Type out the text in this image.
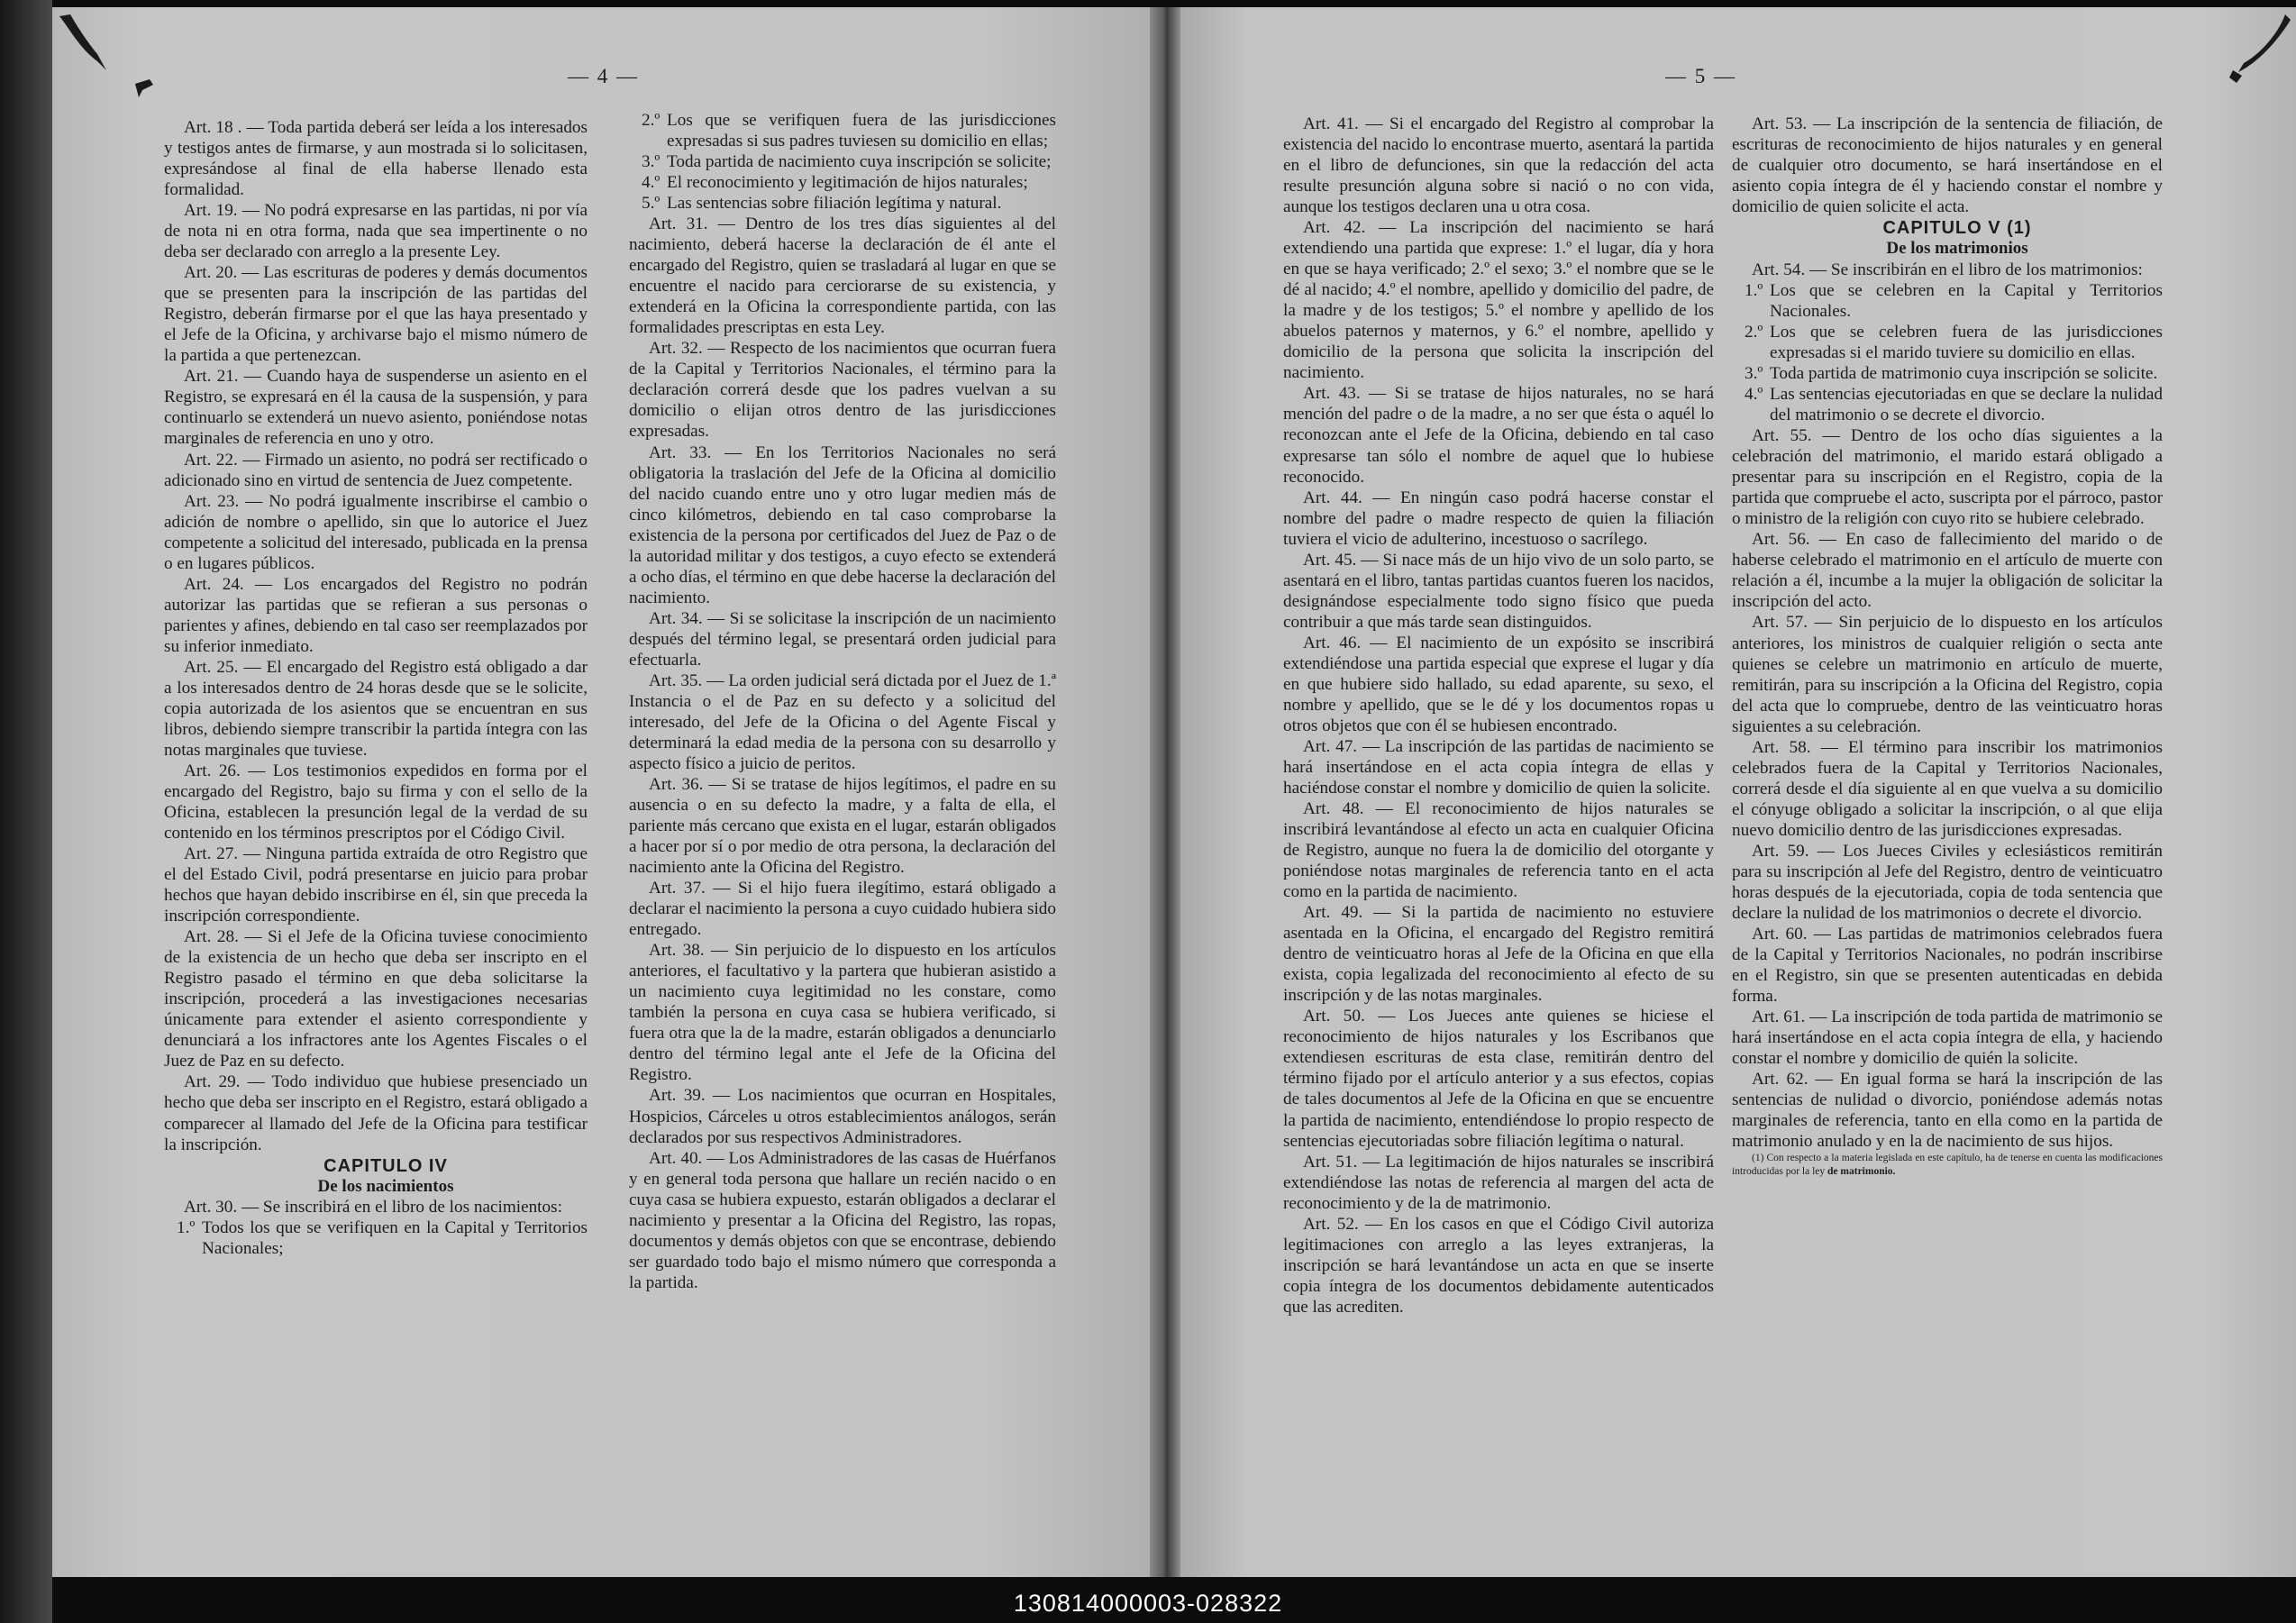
— 4 —

Art. 18 . — Toda partida deberá ser leída a los interesados y testigos antes de firmarse, y aun mostrada si lo solicitasen, expresándose al final de ella haberse llenado esta formalidad.

Art. 19. — No podrá expresarse en las partidas, ni por vía de nota ni en otra forma, nada que sea impertinente o no deba ser declarado con arreglo a la presente Ley.

Art. 20. — Las escrituras de poderes y demás documentos que se presenten para la inscripción de las partidas del Registro, deberán firmarse por el que las haya presentado y el Jefe de la Oficina, y archivarse bajo el mismo número de la partida a que pertenezcan.

Art. 21. — Cuando haya de suspenderse un asiento en el Registro, se expresará en él la causa de la suspensión, y para continuarlo se extenderá un nuevo asiento, poniéndose notas marginales de referencia en uno y otro.

Art. 22. — Firmado un asiento, no podrá ser rectificado o adicionado sino en virtud de sentencia de Juez competente.

Art. 23. — No podrá igualmente inscribirse el cambio o adición de nombre o apellido, sin que lo autorice el Juez competente a solicitud del interesado, publicada en la prensa o en lugares públicos.

Art. 24. — Los encargados del Registro no podrán autorizar las partidas que se refieran a sus personas o parientes y afines, debiendo en tal caso ser reemplazados por su inferior inmediato.

Art. 25. — El encargado del Registro está obligado a dar a los interesados dentro de 24 horas desde que se le solicite, copia autorizada de los asientos que se encuentran en sus libros, debiendo siempre transcribir la partida íntegra con las notas marginales que tuviese.

Art. 26. — Los testimonios expedidos en forma por el encargado del Registro, bajo su firma y con el sello de la Oficina, establecen la presunción legal de la verdad de su contenido en los términos prescriptos por el Código Civil.

Art. 27. — Ninguna partida extraída de otro Registro que el del Estado Civil, podrá presentarse en juicio para probar hechos que hayan debido inscribirse en él, sin que preceda la inscripción correspondiente.

Art. 28. — Si el Jefe de la Oficina tuviese conocimiento de la existencia de un hecho que deba ser inscripto en el Registro pasado el término en que deba solicitarse la inscripción, procederá a las investigaciones necesarias únicamente para extender el asiento correspondiente y denunciará a los infractores ante los Agentes Fiscales o el Juez de Paz en su defecto.

Art. 29. — Todo individuo que hubiese presenciado un hecho que deba ser inscripto en el Registro, estará obligado a comparecer al llamado del Jefe de la Oficina para testificar la inscripción.

CAPITULO IV

De los nacimientos

Art. 30. — Se inscribirá en el libro de los nacimientos:

1.º Todos los que se verifiquen en la Capital y Territorios Nacionales;

2.º Los que se verifiquen fuera de las jurisdicciones expresadas si sus padres tuviesen su domicilio en ellas;

3.º Toda partida de nacimiento cuya inscripción se solicite;

4.º El reconocimiento y legitimación de hijos naturales;

5.º Las sentencias sobre filiación legítima y natural.

Art. 31. — Dentro de los tres días siguientes al del nacimiento, deberá hacerse la declaración de él ante el encargado del Registro, quien se trasladará al lugar en que se encuentre el nacido para cerciorarse de su existencia, y extenderá en la Oficina la correspondiente partida, con las formalidades prescriptas en esta Ley.

Art. 32. — Respecto de los nacimientos que ocurran fuera de la Capital y Territorios Nacionales, el término para la declaración correrá desde que los padres vuelvan a su domicilio o elijan otros dentro de las jurisdicciones expresadas.

Art. 33. — En los Territorios Nacionales no será obligatoria la traslación del Jefe de la Oficina al domicilio del nacido cuando entre uno y otro lugar medien más de cinco kilómetros, debiendo en tal caso comprobarse la existencia de la persona por certificados del Juez de Paz o de la autoridad militar y dos testigos, a cuyo efecto se extenderá a ocho días, el término en que debe hacerse la declaración del nacimiento.

Art. 34. — Si se solicitase la inscripción de un nacimiento después del término legal, se presentará orden judicial para efectuarla.

Art. 35. — La orden judicial será dictada por el Juez de 1.ª Instancia o el de Paz en su defecto y a solicitud del interesado, del Jefe de la Oficina o del Agente Fiscal y determinará la edad media de la persona con su desarrollo y aspecto físico a juicio de peritos.

Art. 36. — Si se tratase de hijos legítimos, el padre en su ausencia o en su defecto la madre, y a falta de ella, el pariente más cercano que exista en el lugar, estarán obligados a hacer por sí o por medio de otra persona, la declaración del nacimiento ante la Oficina del Registro.

Art. 37. — Si el hijo fuera ilegítimo, estará obligado a declarar el nacimiento la persona a cuyo cuidado hubiera sido entregado.

Art. 38. — Sin perjuicio de lo dispuesto en los artículos anteriores, el facultativo y la partera que hubieran asistido a un nacimiento cuya legitimidad no les constare, como también la persona en cuya casa se hubiera verificado, si fuera otra que la de la madre, estarán obligados a denunciarlo dentro del término legal ante el Jefe de la Oficina del Registro.

Art. 39. — Los nacimientos que ocurran en Hospitales, Hospicios, Cárceles u otros establecimientos análogos, serán declarados por sus respectivos Administradores.

Art. 40. — Los Administradores de las casas de Huérfanos y en general toda persona que hallare un recién nacido o en cuya casa se hubiera expuesto, estarán obligados a declarar el nacimiento y presentar a la Oficina del Registro, las ropas, documentos y demás objetos con que se encontrase, debiendo ser guardado todo bajo el mismo número que corresponda a la partida.

— 5 —

Art. 41. — Si el encargado del Registro al comprobar la existencia del nacido lo encontrase muerto, asentará la partida en el libro de defunciones, sin que la redacción del acta resulte presunción alguna sobre si nació o no con vida, aunque los testigos declaren una u otra cosa.

Art. 42. — La inscripción del nacimiento se hará extendiendo una partida que exprese: 1.º el lugar, día y hora en que se haya verificado; 2.º el sexo; 3.º el nombre que se le dé al nacido; 4.º el nombre, apellido y domicilio del padre, de la madre y de los testigos; 5.º el nombre y apellido de los abuelos paternos y maternos, y 6.º el nombre, apellido y domicilio de la persona que solicita la inscripción del nacimiento.

Art. 43. — Si se tratase de hijos naturales, no se hará mención del padre o de la madre, a no ser que ésta o aquél lo reconozcan ante el Jefe de la Oficina, debiendo en tal caso expresarse tan sólo el nombre de aquel que lo hubiese reconocido.

Art. 44. — En ningún caso podrá hacerse constar el nombre del padre o madre respecto de quien la filiación tuviera el vicio de adulterino, incestuoso o sacrílego.

Art. 45. — Si nace más de un hijo vivo de un solo parto, se asentará en el libro, tantas partidas cuantos fueren los nacidos, designándose especialmente todo signo físico que pueda contribuir a que más tarde sean distinguidos.

Art. 46. — El nacimiento de un expósito se inscribirá extendiéndose una partida especial que exprese el lugar y día en que hubiere sido hallado, su edad aparente, su sexo, el nombre y apellido, que se le dé y los documentos ropas u otros objetos que con él se hubiesen encontrado.

Art. 47. — La inscripción de las partidas de nacimiento se hará insertándose en el acta copia íntegra de ellas y haciéndose constar el nombre y domicilio de quien la solicite.

Art. 48. — El reconocimiento de hijos naturales se inscribirá levantándose al efecto un acta en cualquier Oficina de Registro, aunque no fuera la de domicilio del otorgante y poniéndose notas marginales de referencia tanto en el acta como en la partida de nacimiento.

Art. 49. — Si la partida de nacimiento no estuviere asentada en la Oficina, el encargado del Registro remitirá dentro de veinticuatro horas al Jefe de la Oficina en que ella exista, copia legalizada del reconocimiento al efecto de su inscripción y de las notas marginales.

Art. 50. — Los Jueces ante quienes se hiciese el reconocimiento de hijos naturales y los Escribanos que extendiesen escrituras de esta clase, remitirán dentro del término fijado por el artículo anterior y a sus efectos, copias de tales documentos al Jefe de la Oficina en que se encuentre la partida de nacimiento, entendiéndose lo propio respecto de sentencias ejecutoriadas sobre filiación legítima o natural.

Art. 51. — La legitimación de hijos naturales se inscribirá extendiéndose las notas de referencia al margen del acta de reconocimiento y de la de matrimonio.

Art. 52. — En los casos en que el Código Civil autoriza legitimaciones con arreglo a las leyes extranjeras, la inscripción se hará levantándose un acta en que se inserte copia íntegra de los documentos debidamente autenticados que las acrediten.

Art. 53. — La inscripción de la sentencia de filiación, de escrituras de reconocimiento de hijos naturales y en general de cualquier otro documento, se hará insertándose en el asiento copia íntegra de él y haciendo constar el nombre y domicilio de quien solicite el acta.

CAPITULO V (1)

De los matrimonios

Art. 54. — Se inscribirán en el libro de los matrimonios:

1.º Los que se celebren en la Capital y Territorios Nacionales.

2.º Los que se celebren fuera de las jurisdicciones expresadas si el marido tuviere su domicilio en ellas.

3.º Toda partida de matrimonio cuya inscripción se solicite.

4.º Las sentencias ejecutoriadas en que se declare la nulidad del matrimonio o se decrete el divorcio.

Art. 55. — Dentro de los ocho días siguientes a la celebración del matrimonio, el marido estará obligado a presentar para su inscripción en el Registro, copia de la partida que compruebe el acto, suscripta por el párroco, pastor o ministro de la religión con cuyo rito se hubiere celebrado.

Art. 56. — En caso de fallecimiento del marido o de haberse celebrado el matrimonio en el artículo de muerte con relación a él, incumbe a la mujer la obligación de solicitar la inscripción del acto.

Art. 57. — Sin perjuicio de lo dispuesto en los artículos anteriores, los ministros de cualquier religión o secta ante quienes se celebre un matrimonio en artículo de muerte, remitirán, para su inscripción a la Oficina del Registro, copia del acta que lo compruebe, dentro de las veinticuatro horas siguientes a su celebración.

Art. 58. — El término para inscribir los matrimonios celebrados fuera de la Capital y Territorios Nacionales, correrá desde el día siguiente al en que vuelva a su domicilio el cónyuge obligado a solicitar la inscripción, o al que elija nuevo domicilio dentro de las jurisdicciones expresadas.

Art. 59. — Los Jueces Civiles y eclesiásticos remitirán para su inscripción al Jefe del Registro, dentro de veinticuatro horas después de la ejecutoriada, copia de toda sentencia que declare la nulidad de los matrimonios o decrete el divorcio.

Art. 60. — Las partidas de matrimonios celebrados fuera de la Capital y Territorios Nacionales, no podrán inscribirse en el Registro, sin que se presenten autenticadas en debida forma.

Art. 61. — La inscripción de toda partida de matrimonio se hará insertándose en el acta copia íntegra de ella, y haciendo constar el nombre y domicilio de quién la solicite.

Art. 62. — En igual forma se hará la inscripción de las sentencias de nulidad o divorcio, poniéndose además notas marginales de referencia, tanto en ella como en la partida de matrimonio anulado y en la de nacimiento de sus hijos.

(1) Con respecto a la materia legislada en este capítulo, ha de tenerse en cuenta las modificaciones introducidas por la ley de matrimonio.

130814000003-028322
